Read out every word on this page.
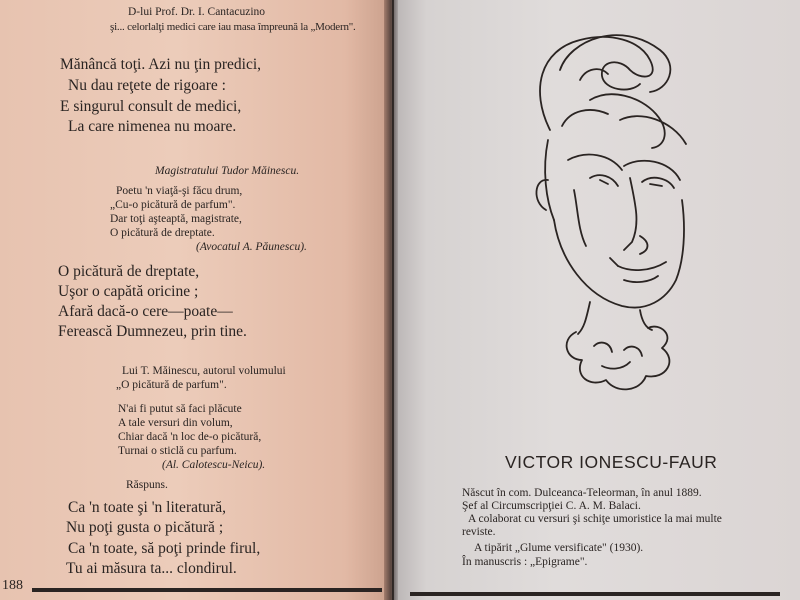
D-lui Prof. Dr. I. Cantacuzino
şi... celorlalţi medici care iau masa împreună la „Modern".
Mănâncă toţi. Azi nu ţin predici,
Nu dau reţete de rigoare :
E singurul consult de medici,
La care nimenea nu moare.
Magistratului Tudor Măinescu.
Poetu 'n viaţă-şi făcu drum,
„Cu-o picătură de parfum".
Dar toţi aşteaptă, magistrate,
O picătură de dreptate.
(Avocatul A. Păunescu).
O picătură de dreptate,
Uşor o capătă oricine ;
Afară dacă-o cere—poate—
Ferească Dumnezeu, prin tine.
Lui T. Măinescu, autorul volumului
„O picătură de parfum".
N'ai fi putut să faci plăcute
A tale versuri din volum,
Chiar dacă 'n loc de-o picătură,
Turnai o sticlă cu parfum.
(Al. Calotescu-Neicu).
Răspuns.
Ca 'n toate şi 'n literatură,
Nu poţi gusta o picătură ;
Ca 'n toate, să poţi prinde firul,
Tu ai măsura ta... clondirul.
188
VICTOR IONESCU-FAUR
Născut în com. Dulceanca-Teleorman, în anul 1889.
Şef al Circumscripţiei C. A. M. Balaci.
A colaborat cu versuri şi schiţe umoristice la mai multe
reviste.
A tipărit „Glume versificate" (1930).
În manuscris : „Epigrame".
